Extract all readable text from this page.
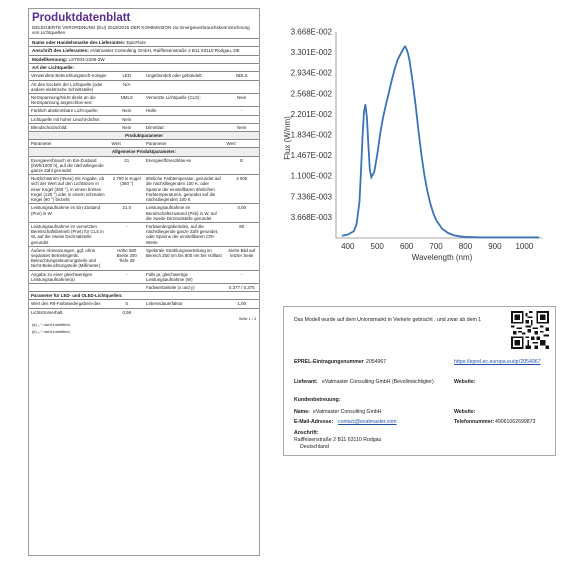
Produktdatenblatt
DELEGIERTE VERORDNUNG (EU) 2019/2015 DER KOMMISSION zur Energieverbrauchskennzeichnung von Lichtquellen
Name oder Handelsmarke des Lieferanten: EpicFlare
Anschrift des Lieferanten: eVatmaster Consulting GmbH, Raiffeisenstraße 2 B11 63110 Rodgau, DE
Modellkennung: LST003-2205-2W
Art der Lichtquelle:
Verwendete Beleuchtungstech-nologie:	LED	Ungebündelt oder gebündelt:	NDLS
Art des Sockels der Lichtquelle (oder andere elektrische Schnittstelle)	N/A		
Netzspannung/Nicht direkt an die Netzspannung angeschlos-sen:	NMLS	Vernetzte Lichtquelle (CLS):	Nein
Farblich abstimmbare Licht-quelle:	Nein	Hülle:	-
Lichtquelle mit hoher Leucht-dichte:	Nein		
Blendschutzschild:	Nein	Dimmbar:	Nein
Produktparameter			
Parameter	Wert	Parameter	Wert
Allgemeine Produktparameter:			
Energieverbrauch im Ein-Zustand (kWh/1000 h), auf die nächstliegende ganze Zahl gerundet	21	Energieeffizienzklas-se	E
Nutzlichtstrom (Φuse) mit Angabe, ob sich der Wert auf den Lichtstrom in einer Kugel (360 °), in einem breiten Kegel (120 °) oder in einem schmalen Kegel (90 °) bezieht	2 700 in Kugel (360 °)	ähnliche Farbtemperatur, gerundet auf die nächstliegenden 100 K, oder Spanne der einstellbaren ähnlichen Farbtemperaturen, gerundet auf die nächstliegenden 100 K	4 000
Leistungsaufnahme im Ein-Zustand (Pon) in W	21,0	Leistungsaufnahme im Bereitschaftszustand (Psb) in W, auf die zweite Dezimalstelle gerundet	0,00
Leistungsaufnahme im vernetzten Bereitschaftsbetrieb (Pnet) für CLS in W, auf die zweite Dezimalstelle gerundet	-	Farbwiedergabeindex, auf die nächstliegende ganze Zahl gerundet, oder Spanne der einstellbaren CRI-Werte	80
Äußere Abmessungen, ggf. ohne separates Betriebsgerät, Beleuchtungssteuerungsteile und Nicht-Beleuchtungsteile (Millimeter)	Höhe 580
Breite 200
Tiefe 28	Spektrale Strahlungsverteilung im Bereich 250 nm bis 800 nm bei Volllast	Siehe Bild auf letzter Seite
Angabe zu einer gleichwertigen Leistungsaufnahme(a)	-	Falls ja, gleichwertige Leistungsaufnahme (W)	-
		Farbwertanteile (x und y)	0,377 / 0,375
Parameter für LED- und OLED-Lichtquellen:			
Wert des R9-Farbwiedergabein-dex	5	Lebensdauerfaktor	1,00
Lichtstromerhalt	0,96		
Seite 1 / 4
(a) „-“: nicht zutreffend;
(b) „-“: nicht zutreffend.
3.668E-003
7.336E-003
1.100E-002
1.467E-002
1.834E-002
2.201E-002
2.568E-002
2.934E-002
3.301E-002
3.668E-002
400 500 600 700 800 900 1000
Flux (W/nm)
Wavelength (nm)
Das Modell wurde auf dem Unionsmarkt in Verkehr gebracht , und zwar ab dem 1
EPREL-Eintragungsnummer 2054967	https://eprel.ec.europa.eu/qr/2054967
Lieferant: eVatmaster Consulting GmbH (Bevollmächtigter)	Website:
Kundenbetreuung:
Name: eVatmaster Consulting GmbH	Website:
E-Mail-Adresse: contact@evatmaster.com	Telefonnummer: 49061062699873
Anschrift:
Raiffeisenstraße 2 B11 63110 Rodgau
Deutschland
